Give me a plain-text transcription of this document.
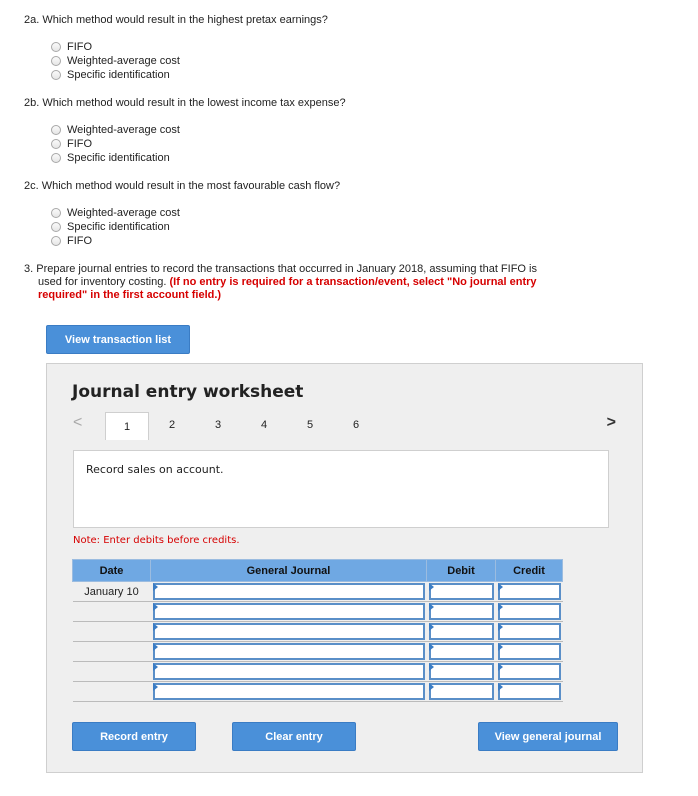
2a. Which method would result in the highest pretax earnings?
FIFO
Weighted-average cost
Specific identification
2b. Which method would result in the lowest income tax expense?
Weighted-average cost
FIFO
Specific identification
2c. Which method would result in the most favourable cash flow?
Weighted-average cost
Specific identification
FIFO
3. Prepare journal entries to record the transactions that occurred in January 2018, assuming that FIFO is
used for inventory costing. (If no entry is required for a transaction/event, select "No journal entry
required" in the first account field.)
View transaction list
Journal entry worksheet
<	1	2	3	4	5	6	>
Record sales on account.
Note: Enter debits before credits.
Date	General Journal	Debit	Credit
January 10	

Record entry	Clear entry	View general journal
